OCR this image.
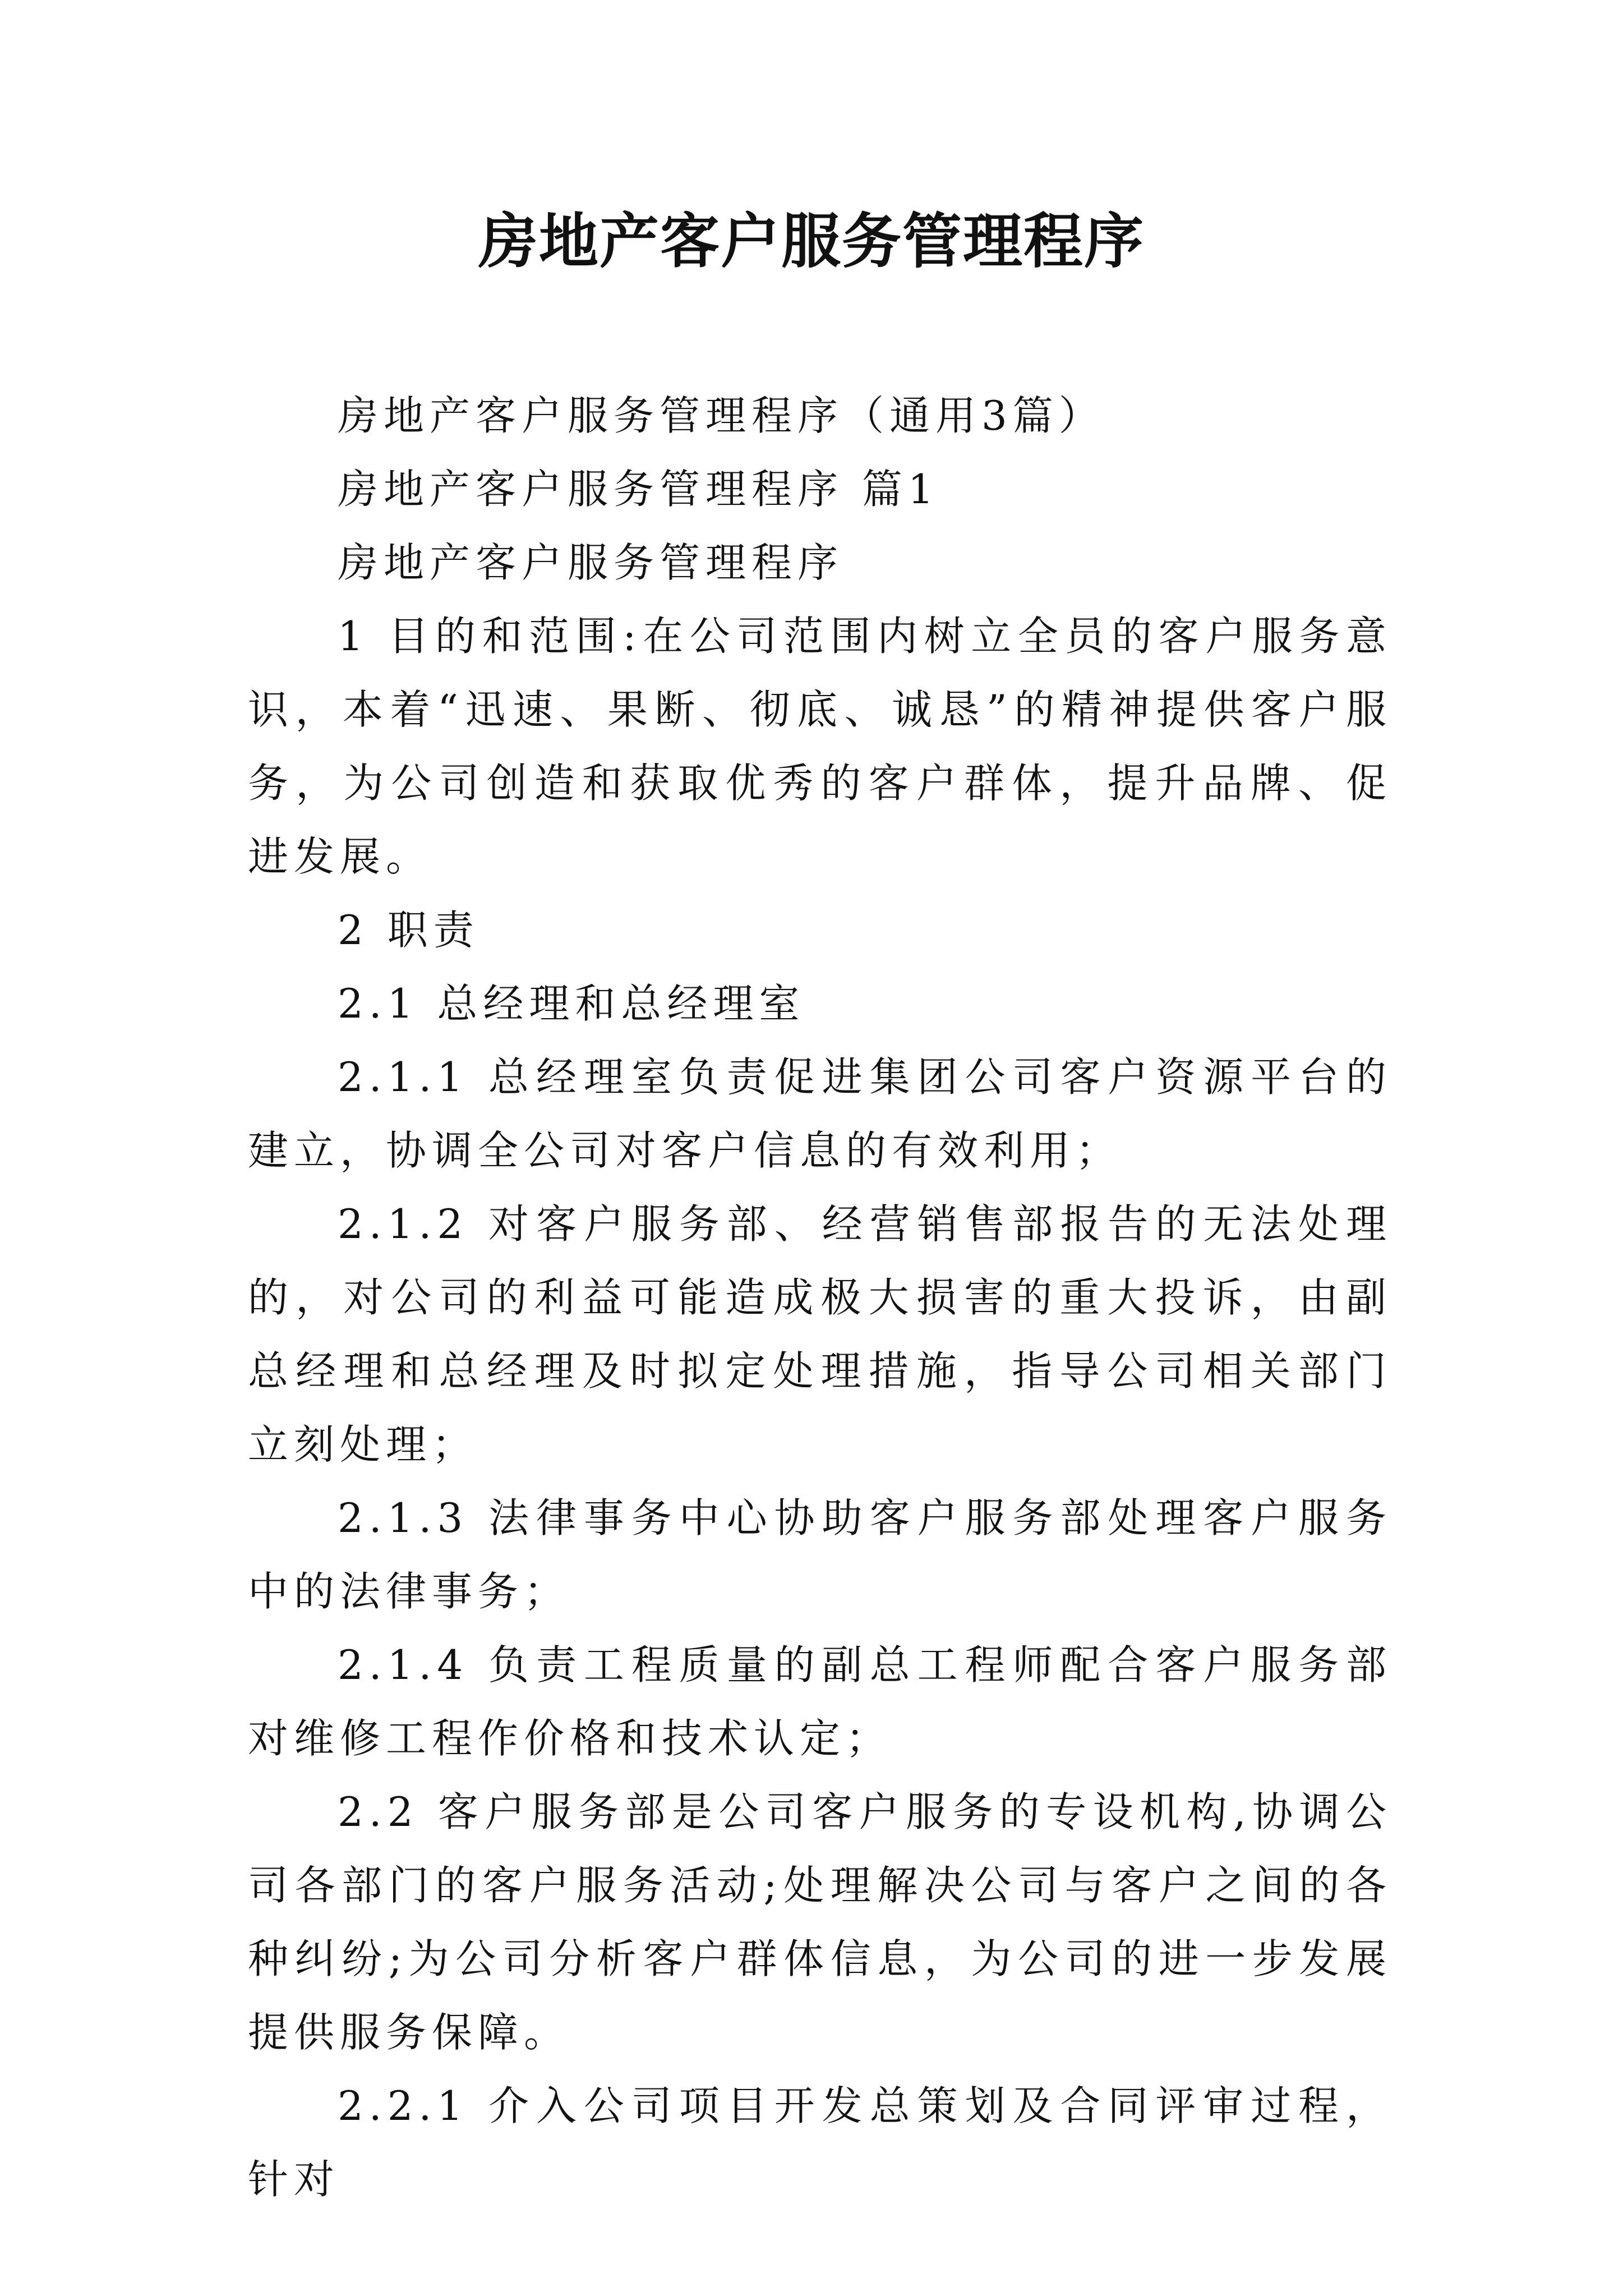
房地产客户服务管理程序

房地产客户服务管理程序（通用3篇）

房地产客户服务管理程序 篇1

房地产客户服务管理程序

1 目的和范围:在公司范围内树立全员的客户服务意识，本着“迅速、果断、彻底、诚恳”的精神提供客户服务，为公司创造和获取优秀的客户群体，提升品牌、促进发展。

2 职责

2.1 总经理和总经理室

2.1.1 总经理室负责促进集团公司客户资源平台的建立，协调全公司对客户信息的有效利用；

2.1.2 对客户服务部、经营销售部报告的无法处理的，对公司的利益可能造成极大损害的重大投诉，由副总经理和总经理及时拟定处理措施，指导公司相关部门立刻处理；

2.1.3 法律事务中心协助客户服务部处理客户服务中的法律事务；

2.1.4 负责工程质量的副总工程师配合客户服务部对维修工程作价格和技术认定；

2.2 客户服务部是公司客户服务的专设机构,协调公司各部门的客户服务活动;处理解决公司与客户之间的各种纠纷;为公司分析客户群体信息，为公司的进一步发展提供服务保障。

2.2.1 介入公司项目开发总策划及合同评审过程，针对
